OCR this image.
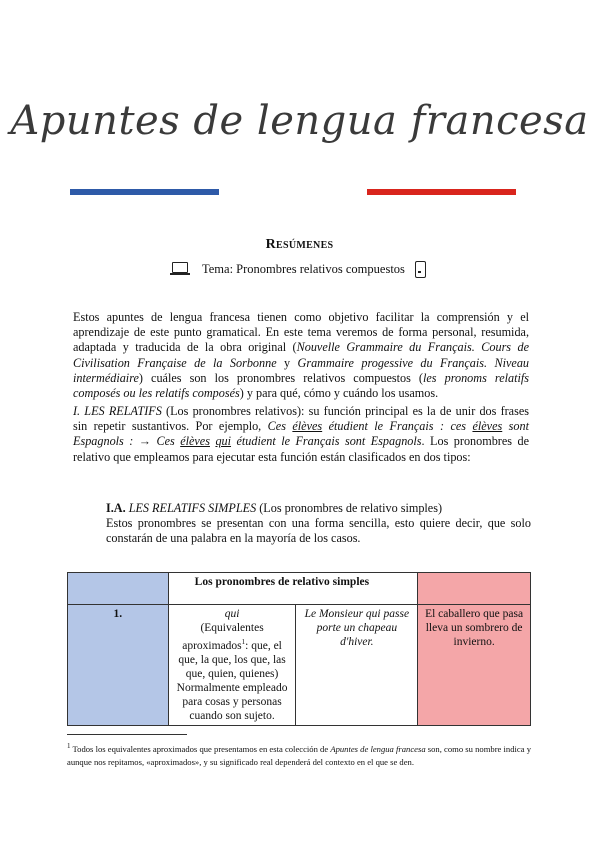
Apuntes de lengua francesa
Resúmenes
Tema: Pronombres relativos compuestos
Estos apuntes de lengua francesa tienen como objetivo facilitar la comprensión y el
aprendizaje de este punto gramatical. En este tema veremos de forma personal, resumida,
adaptada y traducida de la obra original (Nouvelle Grammaire du Français. Cours de
Civilisation Française de la Sorbonne y Grammaire progessive du Français. Niveau
intermédiaire) cuáles son los pronombres relativos compuestos (les pronoms relatifs
composés ou les relatifs composés) y para qué, cómo y cuándo los usamos.
I. LES RELATIFS (Los pronombres relativos): su función principal es la de unir dos frases
sin repetir sustantivos. Por ejemplo, Ces élèves étudient le Français : ces élèves sont
Espagnols : → Ces élèves qui étudient le Français sont Espagnols. Los pronombres de
relativo que empleamos para ejecutar esta función están clasificados en dos tipos:
I.A. LES RELATIFS SIMPLES (Los pronombres de relativo simples)
Estos pronombres se presentan con una forma sencilla, esto quiere decir, que solo
constarán de una palabra en la mayoría de los casos.
	Los pronombres de relativo simples		
1.	qui
(Equivalentes aproximados$^1$: que, el que, la que, los que, las que, quien, quienes)
Normalmente empleado para cosas y personas cuando son sujeto.	Le Monsieur qui passe porte un chapeau d'hiver.	El caballero que pasa lleva un sombrero de invierno.
$^1$ Todos los equivalentes aproximados que presentamos en esta colección de Apuntes de lengua francesa son, como su nombre indica y aunque nos repitamos, «aproximados», y su significado real dependerá del contexto en el que se den.
